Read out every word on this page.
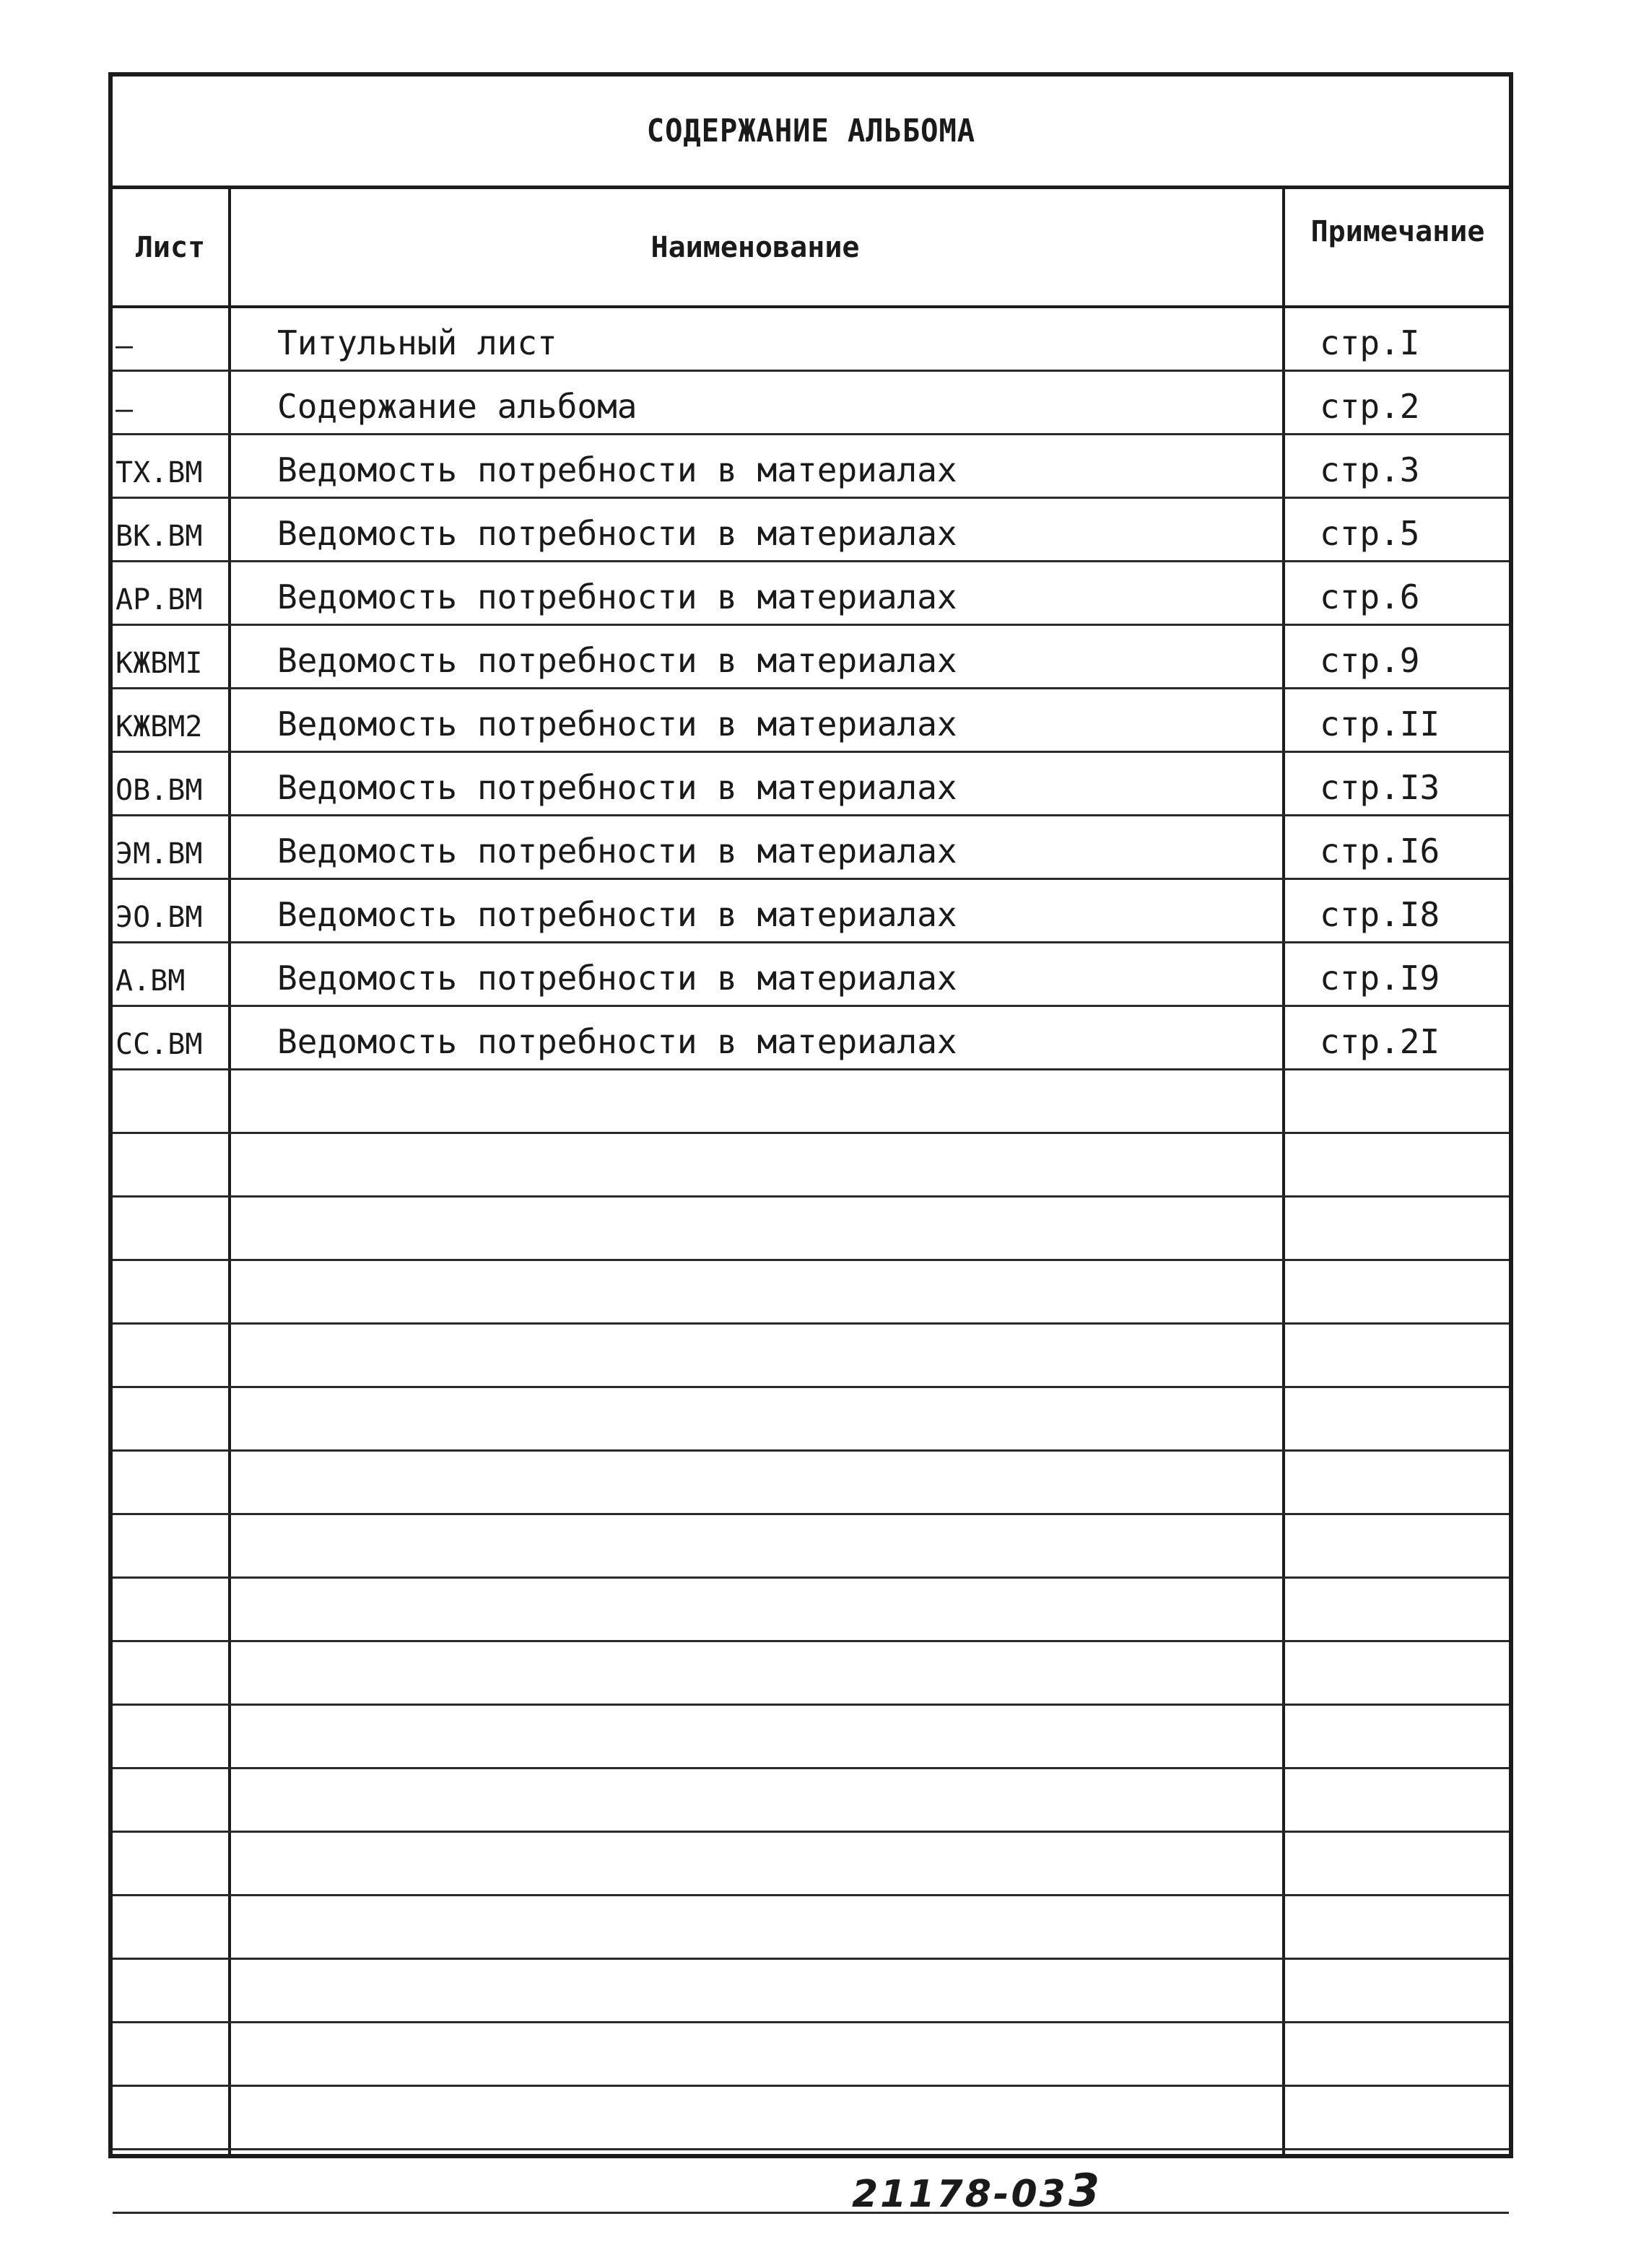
СОДЕРЖАНИЕ АЛЬБОМА
Лист	Наименование	Примечание
–	Титульный лист	стр.I
–	Содержание альбома	стр.2
ТХ.ВМ	Ведомость потребности в материалах	стр.3
ВК.ВМ	Ведомость потребности в материалах	стр.5
АР.ВМ	Ведомость потребности в материалах	стр.6
КЖВМI	Ведомость потребности в материалах	стр.9
КЖВМ2	Ведомость потребности в материалах	стр.II
ОВ.ВМ	Ведомость потребности в материалах	стр.I3
ЭМ.ВМ	Ведомость потребности в материалах	стр.I6
ЭО.ВМ	Ведомость потребности в материалах	стр.I8
А.ВМ	Ведомость потребности в материалах	стр.I9
СС.ВМ	Ведомость потребности в материалах	стр.2I
21178-03 3
